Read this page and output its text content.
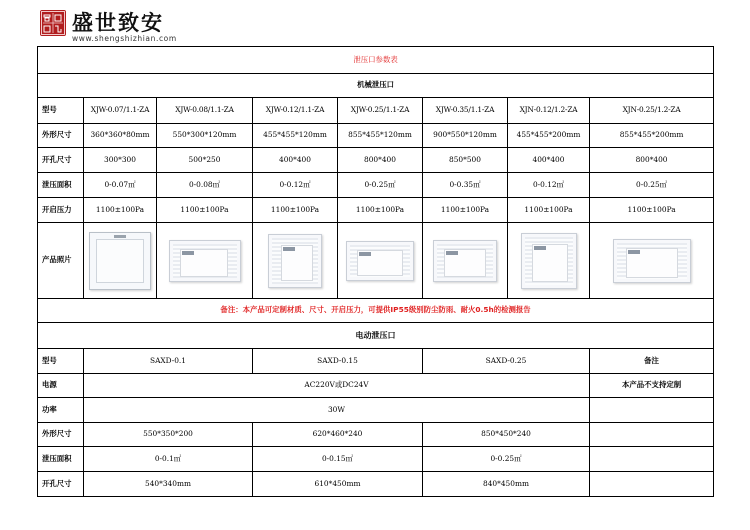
盛世致安
www.shengshizhian.com
泄压口参数表							
机械泄压口							
型号	XJW-0.07/1.1-ZA	XJW-0.08/1.1-ZA	XJW-0.12/1.1-ZA	XJW-0.25/1.1-ZA	XJW-0.35/1.1-ZA	XJN-0.12/1.2-ZA	XJN-0.25/1.2-ZA
外形尺寸	360*360*80mm	550*300*120mm	455*455*120mm	855*455*120mm	900*550*120mm	455*455*200mm	855*455*200mm
开孔尺寸	300*300	500*250	400*400	800*400	850*500	400*400	800*400
泄压面积	0-0.07㎡	0-0.08㎡	0-0.12㎡	0-0.25㎡	0-0.35㎡	0-0.12㎡	0-0.25㎡
开启压力	1100±100Pa	1100±100Pa	1100±100Pa	1100±100Pa	1100±100Pa	1100±100Pa	1100±100Pa
产品照片	

备注：本产品可定制材质、尺寸、开启压力，可提供IP55级别防尘防雨、耐火0.5h的检测报告							
电动泄压口							
型号	SAXD-0.1		SAXD-0.15		SAXD-0.25		备注
电源	AC220V或DC24V						本产品不支持定制
功率	30W						
外形尺寸	550*350*200		620*460*240		850*450*240		
泄压面积	0-0.1㎡		0-0.15㎡		0-0.25㎡		
开孔尺寸	540*340mm		610*450mm		840*450mm		
